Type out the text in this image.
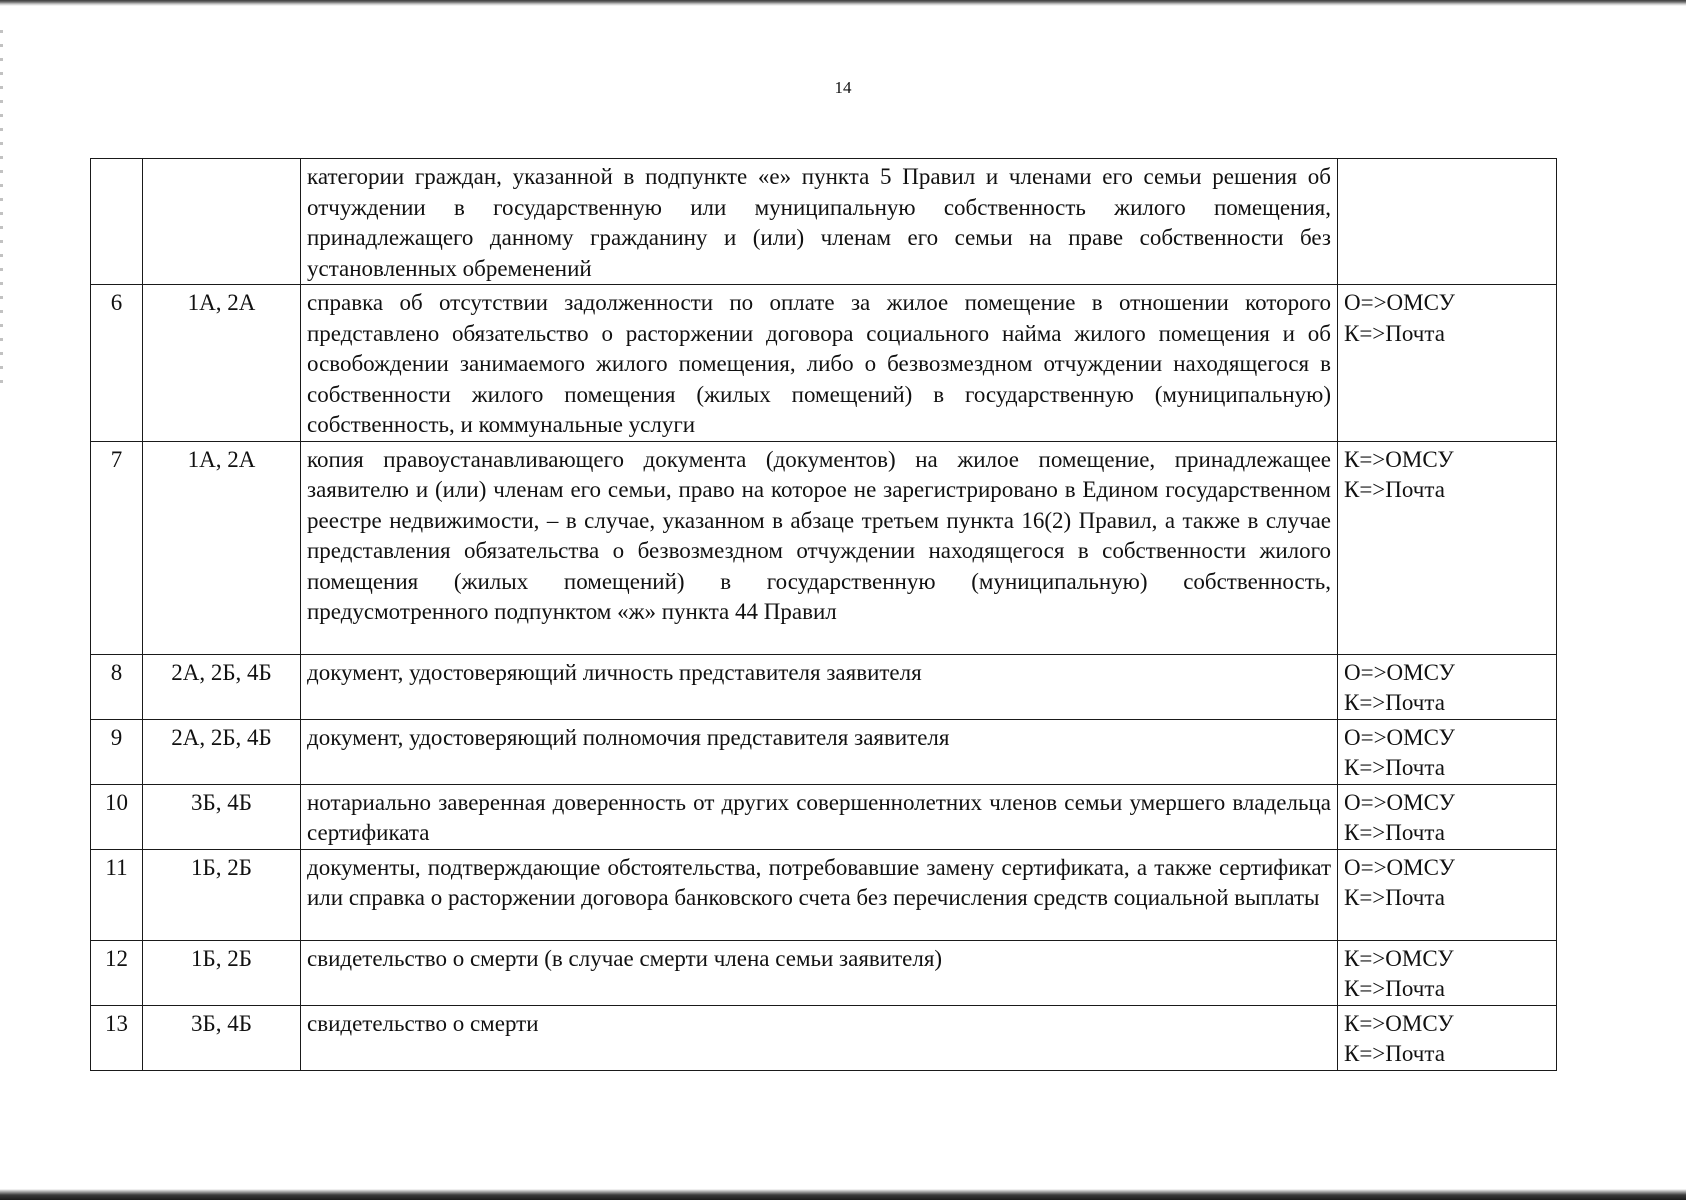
14
		категории граждан, указанной в подпункте «е» пункта 5 Правил и членами его семьи решения об отчуждении в государственную или муниципальную собственность жилого помещения, принадлежащего данному гражданину и (или) членам его семьи на праве собственности без установленных обременений	
6	1А, 2А	справка об отсутствии задолженности по оплате за жилое помещение в отношении которого представлено обязательство о расторжении договора социального найма жилого помещения и об освобождении занимаемого жилого помещения, либо о безвозмездном отчуждении находящегося в собственности жилого помещения (жилых помещений) в государственную (муниципальную) собственность, и коммунальные услуги	О=>ОМСУ
К=>Почта

7	1А, 2А	копия правоустанавливающего документа (документов) на жилое помещение, принадлежащее заявителю и (или) членам его семьи, право на которое не зарегистрировано в Едином государственном реестре недвижимости, – в случае, указанном в абзаце третьем пункта 16(2) Правил, а также в случае представления обязательства о безвозмездном отчуждении находящегося в собственности жилого помещения (жилых помещений) в государственную (муниципальную) собственность, предусмотренного подпунктом «ж» пункта 44 Правил	К=>ОМСУ
К=>Почта

8	2А, 2Б, 4Б	документ, удостоверяющий личность представителя заявителя	О=>ОМСУ
К=>Почта

9	2А, 2Б, 4Б	документ, удостоверяющий полномочия представителя заявителя	О=>ОМСУ
К=>Почта

10	3Б, 4Б	нотариально заверенная доверенность от других совершеннолетних членов семьи умершего владельца сертификата	О=>ОМСУ
К=>Почта

11	1Б, 2Б	документы, подтверждающие обстоятельства, потребовавшие замену сертификата, а также сертификат или справка о расторжении договора банковского счета без перечисления средств социальной выплаты	О=>ОМСУ
К=>Почта

12	1Б, 2Б	свидетельство о смерти (в случае смерти члена семьи заявителя)	К=>ОМСУ
К=>Почта

13	3Б, 4Б	свидетельство о смерти	К=>ОМСУ
К=>Почта
